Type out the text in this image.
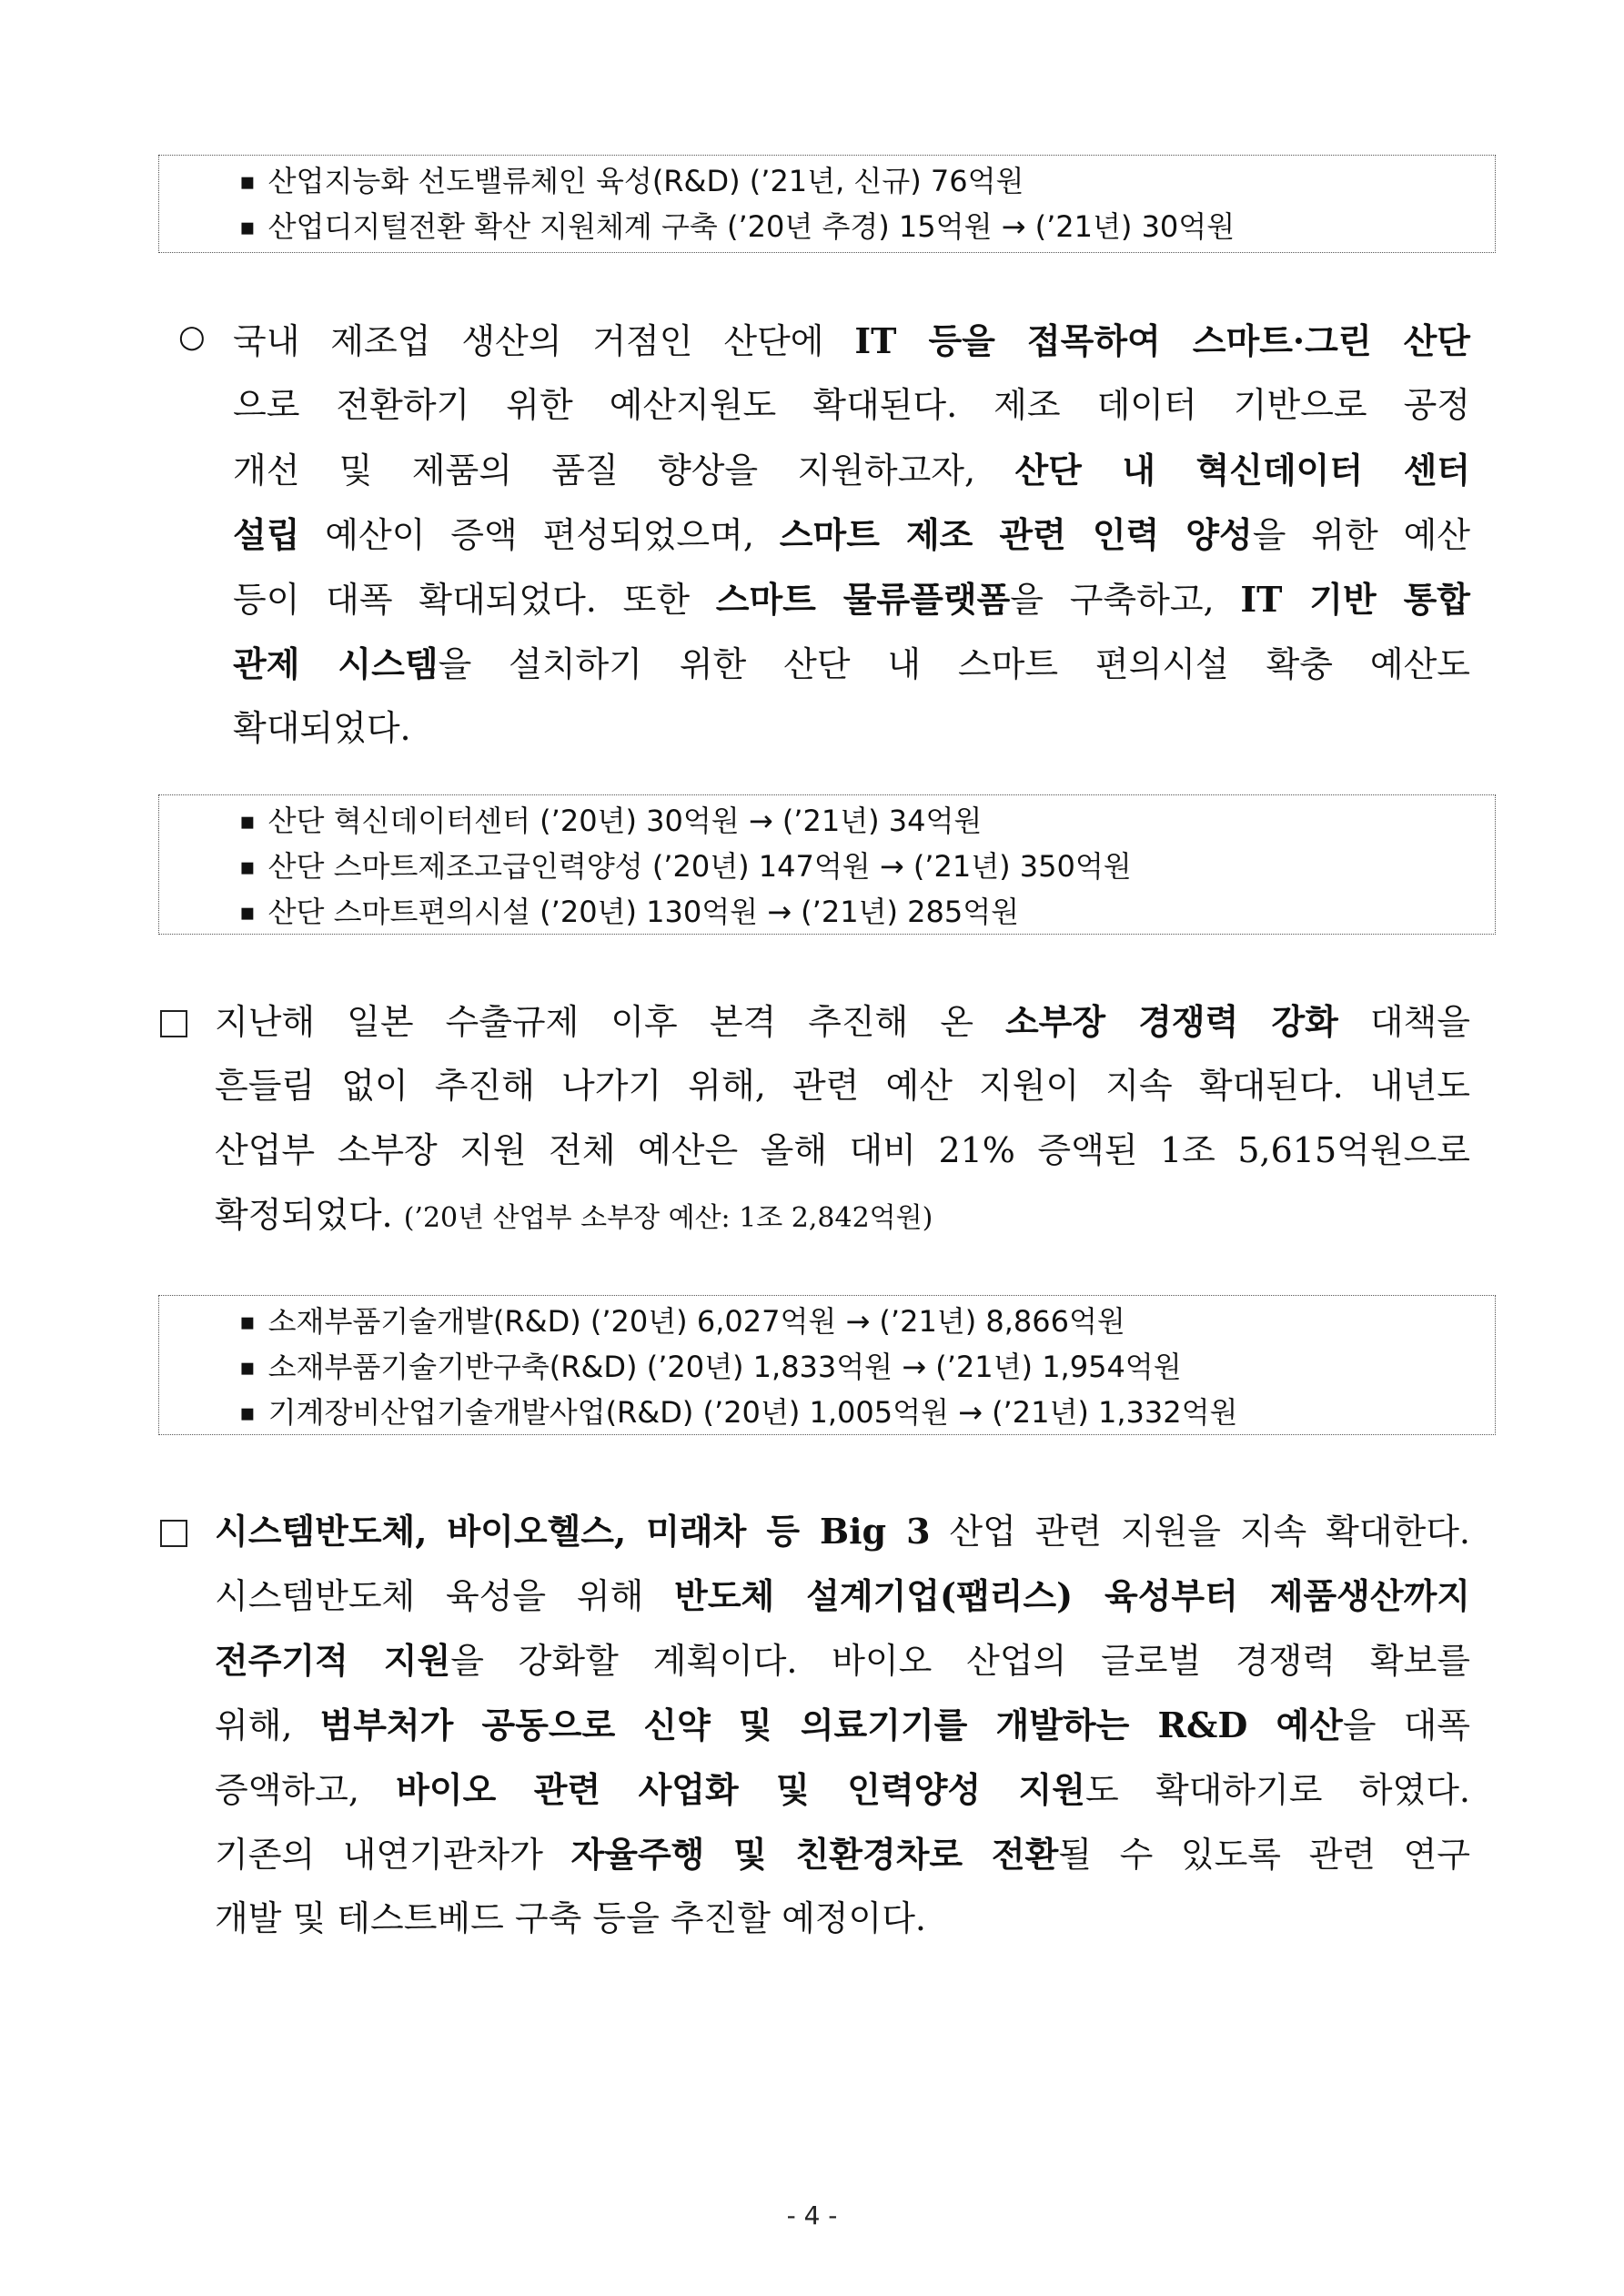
▪ 산업지능화 선도밸류체인 육성(R&D) (’21년, 신규) 76억원
▪ 산업디지털전환 확산 지원체계 구축 (’20년 추경) 15억원 → (’21년) 30억원
○ 국내 제조업 생산의 거점인 산단에 IT 등을 접목하여 스마트·그린 산단
으로 전환하기 위한 예산지원도 확대된다. 제조 데이터 기반으로 공정
개선 및 제품의 품질 향상을 지원하고자, 산단 내 혁신데이터 센터
설립 예산이 증액 편성되었으며, 스마트 제조 관련 인력 양성을 위한 예산
등이 대폭 확대되었다. 또한 스마트 물류플랫폼을 구축하고, IT 기반 통합
관제 시스템을 설치하기 위한 산단 내 스마트 편의시설 확충 예산도
확대되었다.
▪ 산단 혁신데이터센터 (’20년) 30억원 → (’21년) 34억원
▪ 산단 스마트제조고급인력양성 (’20년) 147억원 → (’21년) 350억원
▪ 산단 스마트편의시설 (’20년) 130억원 → (’21년) 285억원
지난해 일본 수출규제 이후 본격 추진해 온 소부장 경쟁력 강화 대책을
흔들림 없이 추진해 나가기 위해, 관련 예산 지원이 지속 확대된다. 내년도
산업부 소부장 지원 전체 예산은 올해 대비 21% 증액된 1조 5,615억원으로
확정되었다. (’20년 산업부 소부장 예산: 1조 2,842억원)
▪ 소재부품기술개발(R&D) (’20년) 6,027억원 → (’21년) 8,866억원
▪ 소재부품기술기반구축(R&D) (’20년) 1,833억원 → (’21년) 1,954억원
▪ 기계장비산업기술개발사업(R&D) (’20년) 1,005억원 → (’21년) 1,332억원
시스템반도체, 바이오헬스, 미래차 등 Big 3 산업 관련 지원을 지속 확대한다.
시스템반도체 육성을 위해 반도체 설계기업(팹리스) 육성부터 제품생산까지
전주기적 지원을 강화할 계획이다. 바이오 산업의 글로벌 경쟁력 확보를
위해, 범부처가 공동으로 신약 및 의료기기를 개발하는 R&D 예산을 대폭
증액하고, 바이오 관련 사업화 및 인력양성 지원도 확대하기로 하였다.
기존의 내연기관차가 자율주행 및 친환경차로 전환될 수 있도록 관련 연구
개발 및 테스트베드 구축 등을 추진할 예정이다.
- 4 -
